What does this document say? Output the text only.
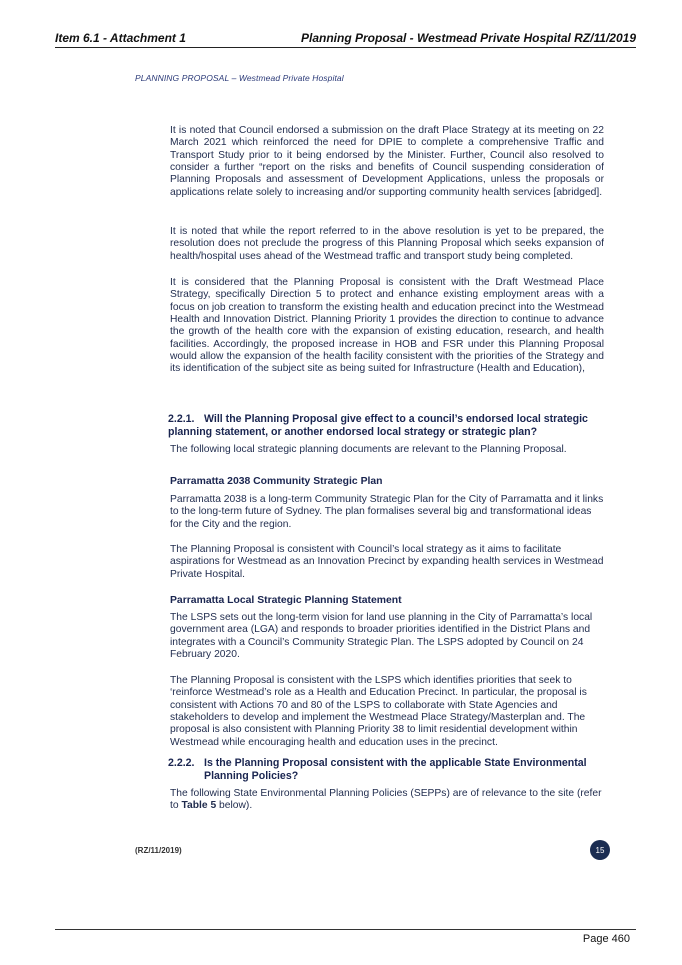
Item 6.1 - Attachment 1	Planning Proposal - Westmead Private Hospital RZ/11/2019
PLANNING PROPOSAL – Westmead Private Hospital

It is noted that Council endorsed a submission on the draft Place Strategy at its meeting on 22 March 2021 which reinforced the need for DPIE to complete a comprehensive Traffic and Transport Study prior to it being endorsed by the Minister. Further, Council also resolved to consider a further “report on the risks and benefits of Council suspending consideration of Planning Proposals and assessment of Development Applications, unless the proposals or applications relate solely to increasing and/or supporting community health services [abridged].

It is noted that while the report referred to in the above resolution is yet to be prepared, the resolution does not preclude the progress of this Planning Proposal which seeks expansion of health/hospital uses ahead of the Westmead traffic and transport study being completed.

It is considered that the Planning Proposal is consistent with the Draft Westmead Place Strategy, specifically Direction 5 to protect and enhance existing employment areas with a focus on job creation to transform the existing health and education precinct into the Westmead Health and Innovation District. Planning Priority 1 provides the direction to continue to advance the growth of the health core with the expansion of existing education, research, and health facilities. Accordingly, the proposed increase in HOB and FSR under this Planning Proposal would allow the expansion of the health facility consistent with the priorities of the Strategy and its identification of the subject site as being suited for Infrastructure (Health and Education),

2.2.1. Will the Planning Proposal give effect to a council’s endorsed local strategic
planning statement, or another endorsed local strategy or strategic plan?

The following local strategic planning documents are relevant to the Planning Proposal.

Parramatta 2038 Community Strategic Plan

Parramatta 2038 is a long-term Community Strategic Plan for the City of Parramatta and it links to the long-term future of Sydney. The plan formalises several big and transformational ideas for the City and the region.

The Planning Proposal is consistent with Council’s local strategy as it aims to facilitate aspirations for Westmead as an Innovation Precinct by expanding health services in Westmead Private Hospital.

Parramatta Local Strategic Planning Statement

The LSPS sets out the long-term vision for land use planning in the City of Parramatta’s local government area (LGA) and responds to broader priorities identified in the District Plans and integrates with a Council’s Community Strategic Plan. The LSPS adopted by Council on 24 February 2020.

The Planning Proposal is consistent with the LSPS which identifies priorities that seek to ‘reinforce Westmead’s role as a Health and Education Precinct. In particular, the proposal is consistent with Actions 70 and 80 of the LSPS to collaborate with State Agencies and stakeholders to develop and implement the Westmead Place Strategy/Masterplan and. The proposal is also consistent with Planning Priority 38 to limit residential development within Westmead while encouraging health and education uses in the precinct.

2.2.2. Is the Planning Proposal consistent with the applicable State Environmental
Planning Policies?

The following State Environmental Planning Policies (SEPPs) are of relevance to the site (refer to Table 5 below).

(RZ/11/2019)	15
Page 460
